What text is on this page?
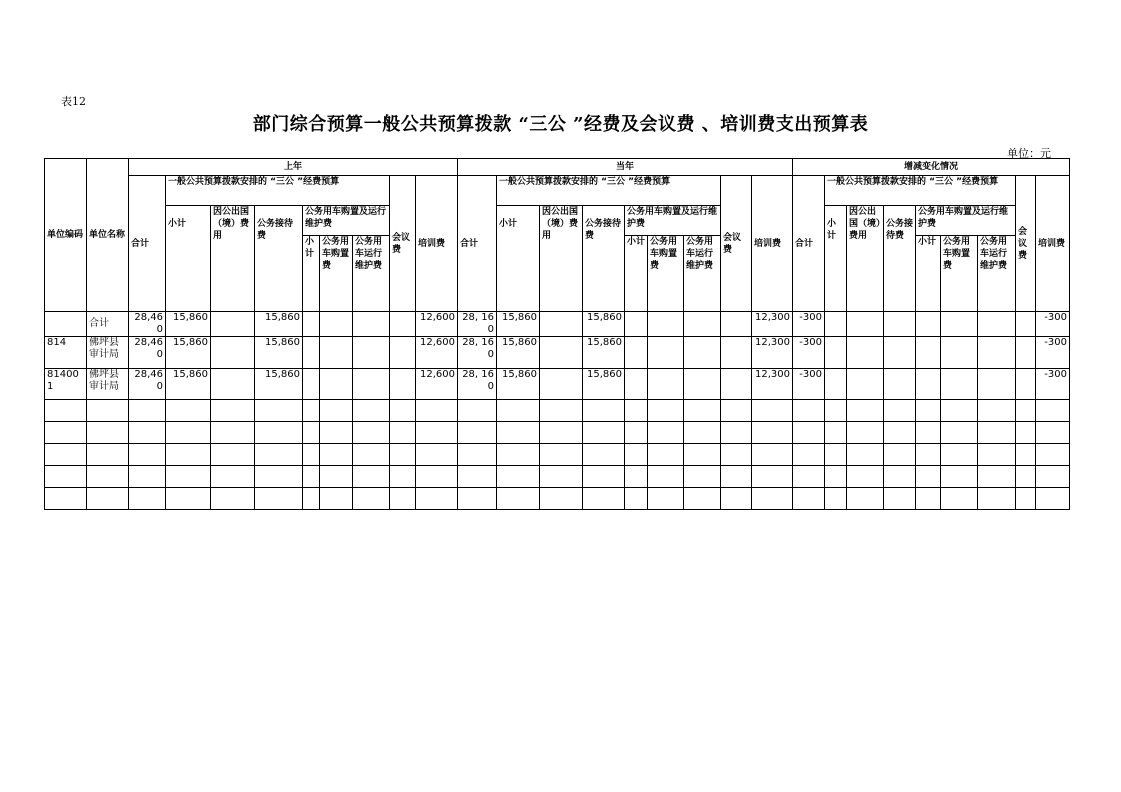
表12
部门综合预算一般公共预算拨款 “三公 ”经费及会议费 、培训费支出预算表
单位：元
单位编码	单位名称	上年									当年									增减变化情况								
		合计	一般公共预算拨款安排的 “三公 ”经费预算						会议费	培训费	合计	一般公共预算拨款安排的 “三公 ”经费预算						会议费	培训费	合计	一般公共预算拨款安排的 “三公 ”经费预算						会议费	培训费
			小计	因公出国（境）费用	公务接待费	公务用车购置及运行维护费						小计	因公出国（境）费用	公务接待费	公务用车购置及运行维护费						小计	因公出国（境）费用	公务接待费	公务用车购置及运行维护费				
						小计	公务用车购置费	公务用车运行维护费							小计	公务用车购置费	公务用车运行维护费							小计	公务用车购置费	公务用车运行维护费		
	合计	28,460	15,860		15,860					12,600	28, 160	15,860		15,860					12,300	-300								-300
814	佛坪县审计局	28,460	15,860		15,860					12,600	28, 160	15,860		15,860					12,300	-300								-300
814001	佛坪县审计局	28,460	15,860		15,860					12,600	28, 160	15,860		15,860					12,300	-300								-300
